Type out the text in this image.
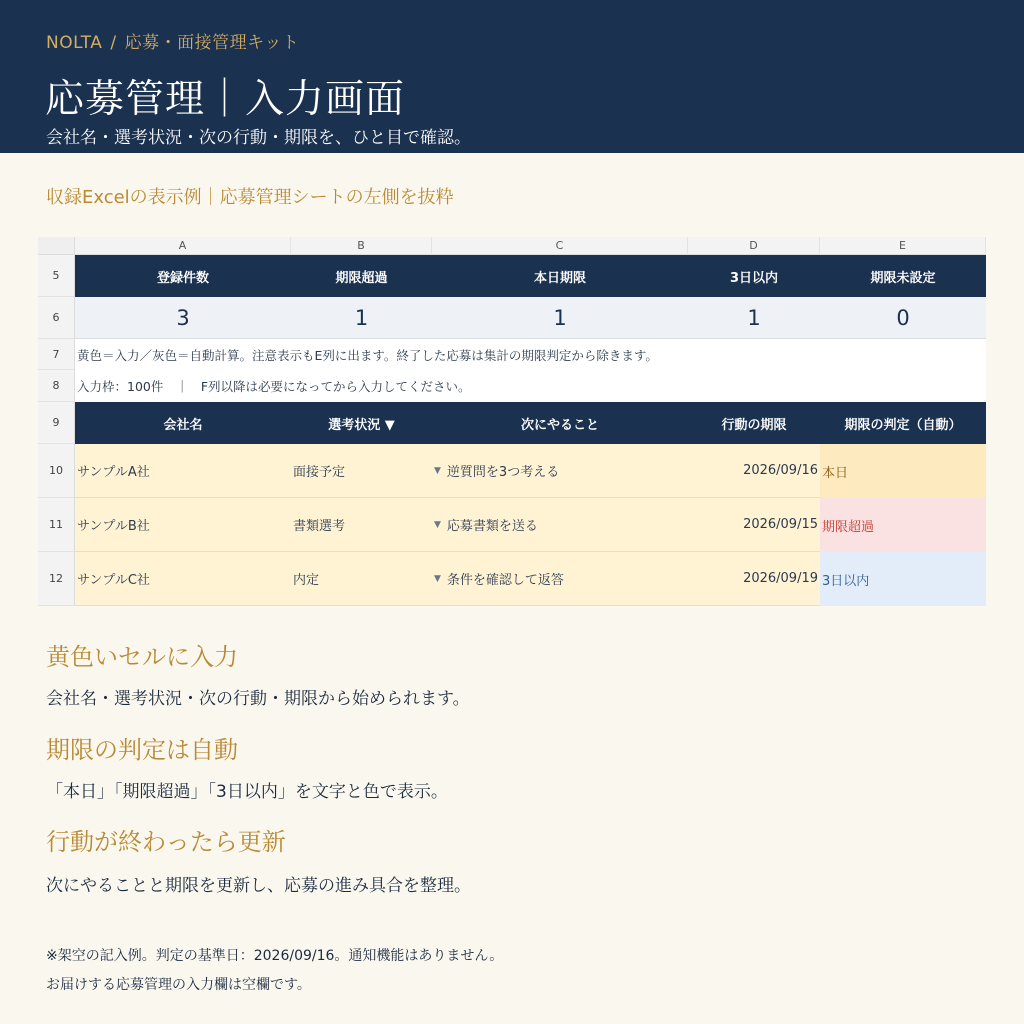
NOLTA / 応募・面接管理キット
応募管理｜入力画面
会社名・選考状況・次の行動・期限を、ひと目で確認。
収録Excelの表示例｜応募管理シートの左側を抜粋
A	B	C	D	E
5
6
7
8
9
10
11
12
登録件数	期限超過	本日期限	3日以内	期限未設定
3	1	1	1	0
黄色＝入力／灰色＝自動計算。注意表示もE列に出ます。終了した応募は集計の期限判定から除きます。
入力枠：100件　｜　F列以降は必要になってから入力してください。
会社名	選考状況 ▼	次にやること	行動の期限	期限の判定（自動）
サンプルA社	面接予定	▼ 逆質問を3つ考える	2026/09/16 本日
サンプルB社	書類選考	▼ 応募書類を送る	2026/09/15 期限超過
サンプルC社	内定	▼ 条件を確認して返答	2026/09/19 3日以内
黄色いセルに入力
会社名・選考状況・次の行動・期限から始められます。
期限の判定は自動
「本日」「期限超過」「3日以内」を文字と色で表示。
行動が終わったら更新
次にやることと期限を更新し、応募の進み具合を整理。
※架空の記入例。判定の基準日：2026/09/16。通知機能はありません。
お届けする応募管理の入力欄は空欄です。
